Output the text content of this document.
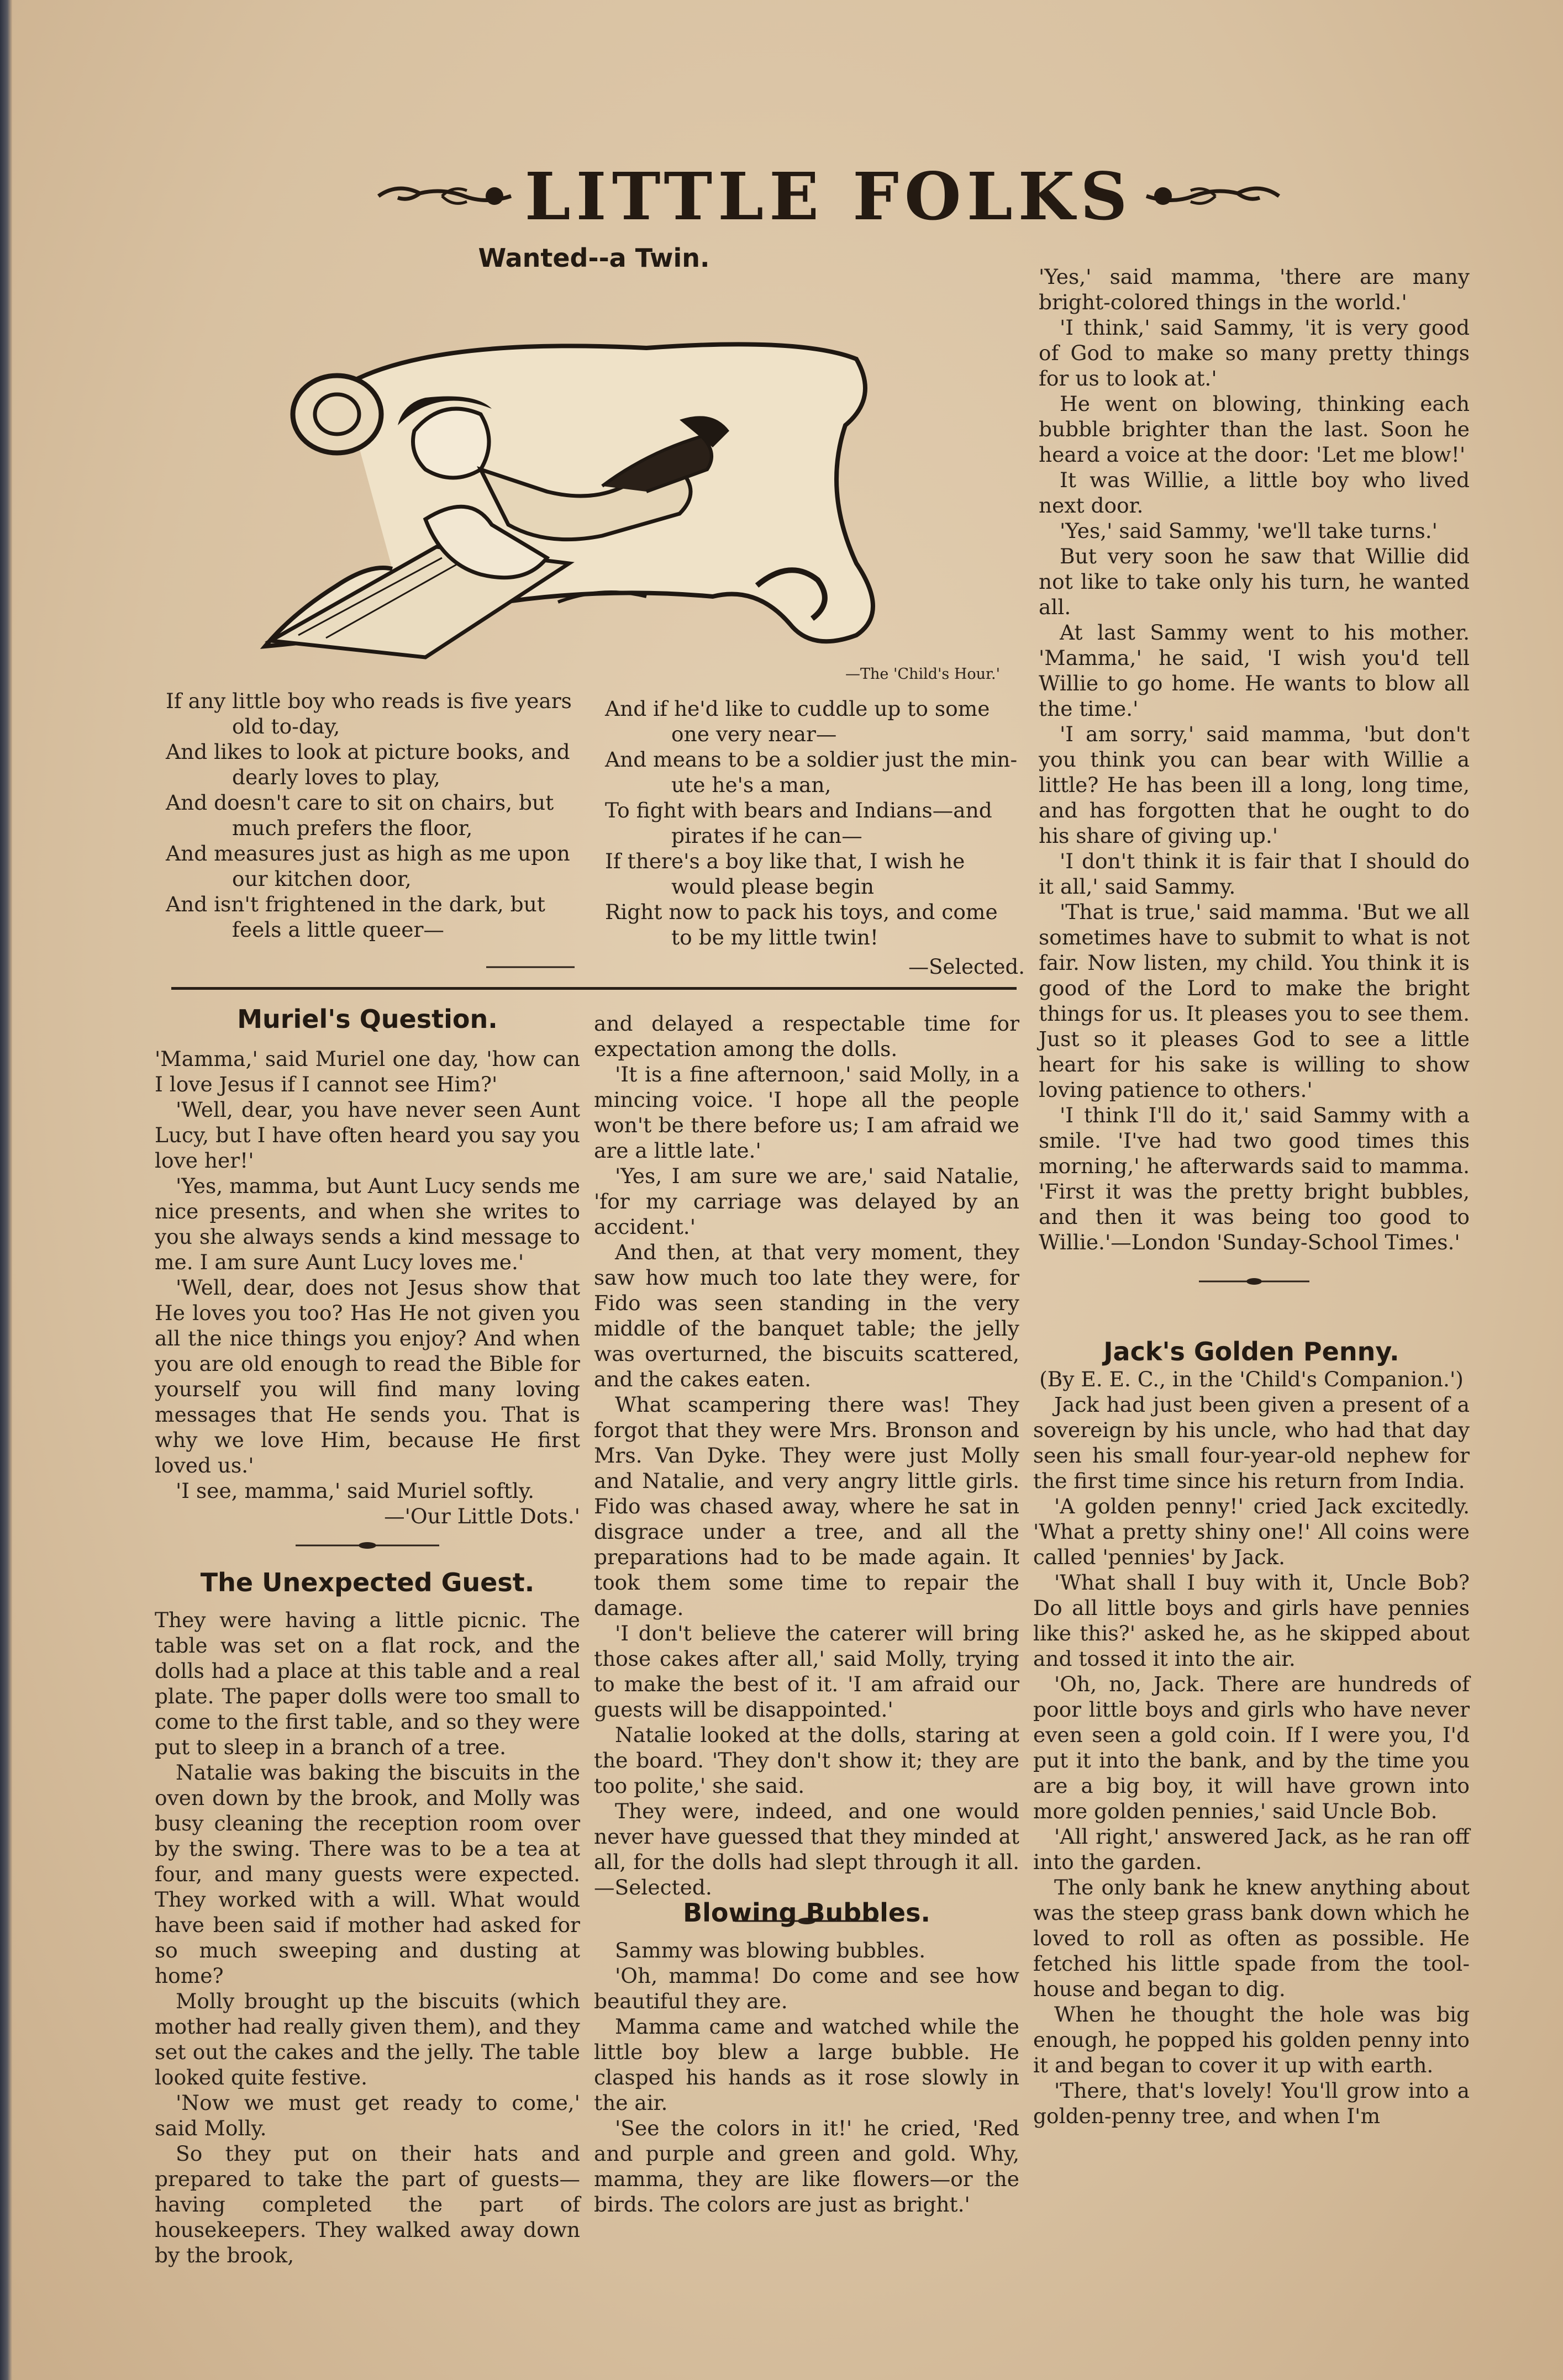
LITTLE FOLKS
Wanted--a Twin.

—The 'Child's Hour.'

If any little boy who reads is five years

old to-day,

And likes to look at picture books, and

dearly loves to play,

And doesn't care to sit on chairs, but

much prefers the floor,

And measures just as high as me upon

our kitchen door,

And isn't frightened in the dark, but

feels a little queer—

And if he'd like to cuddle up to some

one very near—

And means to be a soldier just the min-

ute he's a man,

To fight with bears and Indians—and

pirates if he can—

If there's a boy like that, I wish he

would please begin

Right now to pack his toys, and come

to be my little twin!

—Selected.

Muriel's Question.

'Mamma,' said Muriel one day, 'how can I love Jesus if I cannot see Him?'

'Well, dear, you have never seen Aunt Lucy, but I have often heard you say you love her!'

'Yes, mamma, but Aunt Lucy sends me nice presents, and when she writes to you she always sends a kind message to me. I am sure Aunt Lucy loves me.'

'Well, dear, does not Jesus show that He loves you too? Has He not given you all the nice things you enjoy? And when you are old enough to read the Bible for yourself you will find many loving messages that He sends you. That is why we love Him, because He first loved us.'

'I see, mamma,' said Muriel softly.

—'Our Little Dots.'

The Unexpected Guest.

They were having a little picnic. The table was set on a flat rock, and the dolls had a place at this table and a real plate. The paper dolls were too small to come to the first table, and so they were put to sleep in a branch of a tree.

Natalie was baking the biscuits in the oven down by the brook, and Molly was busy cleaning the reception room over by the swing. There was to be a tea at four, and many guests were expected. They worked with a will. What would have been said if mother had asked for so much sweeping and dusting at home?

Molly brought up the biscuits (which mother had really given them), and they set out the cakes and the jelly. The table looked quite festive.

'Now we must get ready to come,' said Molly.

So they put on their hats and prepared to take the part of guests—having completed the part of housekeepers. They walked away down by the brook,

and delayed a respectable time for expectation among the dolls.

'It is a fine afternoon,' said Molly, in a mincing voice. 'I hope all the people won't be there before us; I am afraid we are a little late.'

'Yes, I am sure we are,' said Natalie, 'for my carriage was delayed by an accident.'

And then, at that very moment, they saw how much too late they were, for Fido was seen standing in the very middle of the banquet table; the jelly was overturned, the biscuits scattered, and the cakes eaten.

What scampering there was! They forgot that they were Mrs. Bronson and Mrs. Van Dyke. They were just Molly and Natalie, and very angry little girls. Fido was chased away, where he sat in disgrace under a tree, and all the preparations had to be made again. It took them some time to repair the damage.

'I don't believe the caterer will bring those cakes after all,' said Molly, trying to make the best of it. 'I am afraid our guests will be disappointed.'

Natalie looked at the dolls, staring at the board. 'They don't show it; they are too polite,' she said.

They were, indeed, and one would never have guessed that they minded at all, for the dolls had slept through it all.—Selected.

Blowing Bubbles.

Sammy was blowing bubbles.

'Oh, mamma! Do come and see how beautiful they are.

Mamma came and watched while the little boy blew a large bubble. He clasped his hands as it rose slowly in the air.

'See the colors in it!' he cried, 'Red and purple and green and gold. Why, mamma, they are like flowers—or the birds. The colors are just as bright.'

'Yes,' said mamma, 'there are many bright-colored things in the world.'

'I think,' said Sammy, 'it is very good of God to make so many pretty things for us to look at.'

He went on blowing, thinking each bubble brighter than the last. Soon he heard a voice at the door: 'Let me blow!'

It was Willie, a little boy who lived next door.

'Yes,' said Sammy, 'we'll take turns.'

But very soon he saw that Willie did not like to take only his turn, he wanted all.

At last Sammy went to his mother. 'Mamma,' he said, 'I wish you'd tell Willie to go home. He wants to blow all the time.'

'I am sorry,' said mamma, 'but don't you think you can bear with Willie a little? He has been ill a long, long time, and has forgotten that he ought to do his share of giving up.'

'I don't think it is fair that I should do it all,' said Sammy.

'That is true,' said mamma. 'But we all sometimes have to submit to what is not fair. Now listen, my child. You think it is good of the Lord to make the bright things for us. It pleases you to see them. Just so it pleases God to see a little heart for his sake is willing to show loving patience to others.'

'I think I'll do it,' said Sammy with a smile. 'I've had two good times this morning,' he afterwards said to mamma. 'First it was the pretty bright bubbles, and then it was being too good to Willie.'—London 'Sunday-School Times.'

Jack's Golden Penny.

(By E. E. C., in the 'Child's Companion.')

Jack had just been given a present of a sovereign by his uncle, who had that day seen his small four-year-old nephew for the first time since his return from India.

'A golden penny!' cried Jack excitedly. 'What a pretty shiny one!' All coins were called 'pennies' by Jack.

'What shall I buy with it, Uncle Bob? Do all little boys and girls have pennies like this?' asked he, as he skipped about and tossed it into the air.

'Oh, no, Jack. There are hundreds of poor little boys and girls who have never even seen a gold coin. If I were you, I'd put it into the bank, and by the time you are a big boy, it will have grown into more golden pennies,' said Uncle Bob.

'All right,' answered Jack, as he ran off into the garden.

The only bank he knew anything about was the steep grass bank down which he loved to roll as often as possible. He fetched his little spade from the tool-house and began to dig.

When he thought the hole was big enough, he popped his golden penny into it and began to cover it up with earth.

'There, that's lovely! You'll grow into a golden-penny tree, and when I'm
